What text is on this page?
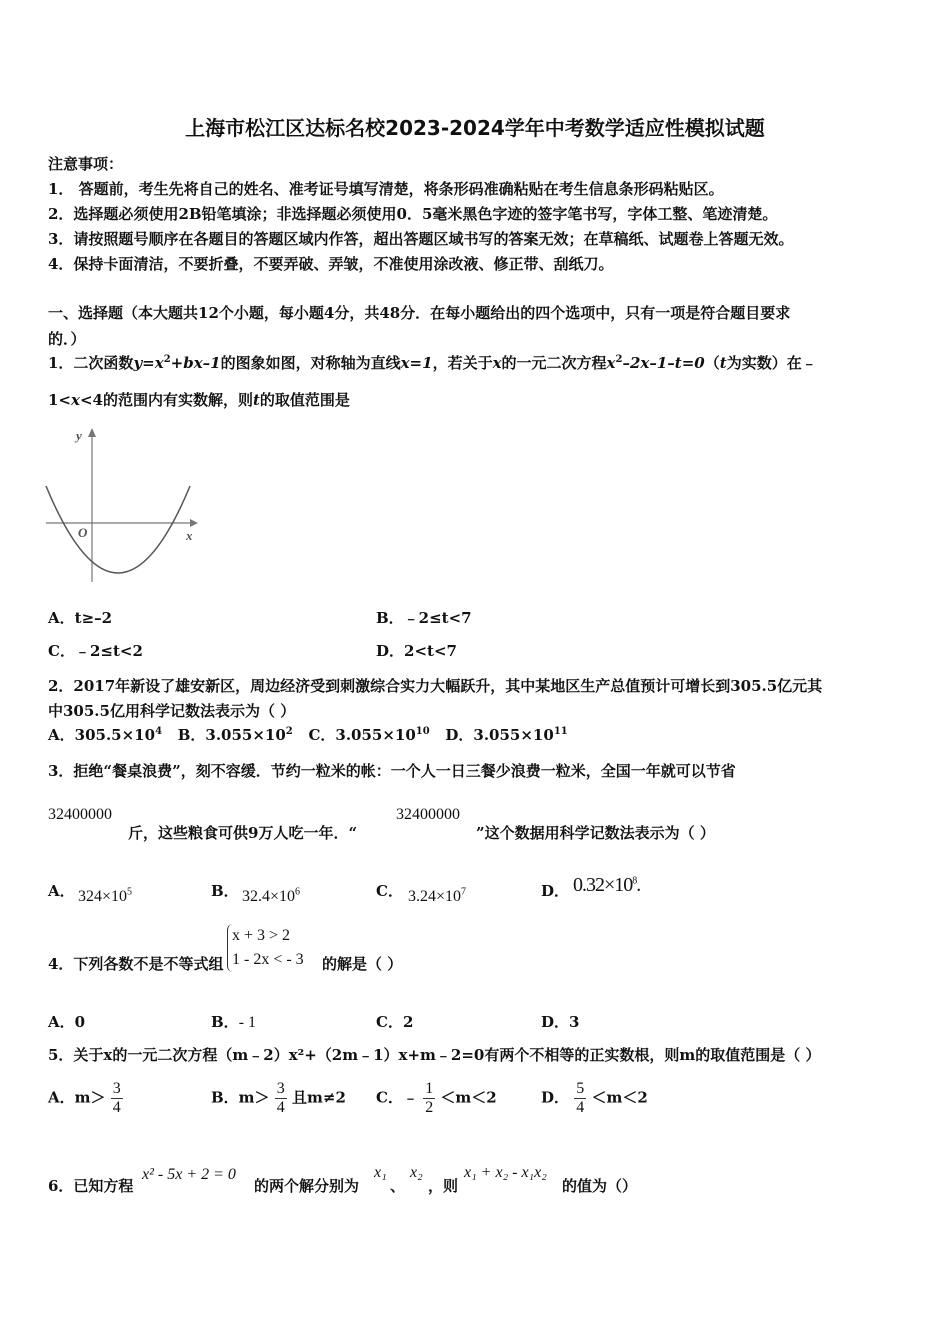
上海市松江区达标名校2023-2024学年中考数学适应性模拟试题
注意事项：
1． 答题前，考生先将自己的姓名、准考证号填写清楚，将条形码准确粘贴在考生信息条形码粘贴区。
2．选择题必须使用2B铅笔填涂；非选择题必须使用0．5毫米黑色字迹的签字笔书写，字体工整、笔迹清楚。
3．请按照题号顺序在各题目的答题区域内作答，超出答题区域书写的答案无效；在草稿纸、试题卷上答题无效。
4．保持卡面清洁，不要折叠，不要弄破、弄皱，不准使用涂改液、修正带、刮纸刀。
一、选择题（本大题共12个小题，每小题4分，共48分．在每小题给出的四个选项中，只有一项是符合题目要求
的．）
1．二次函数$y=x^2+bx-1$的图象如图，对称轴为直线x=1，若关于x的一元二次方程$x^2-2x-1-t=0(t$为实数）在﹣
1<x<4的范围内有实数解，则t的取值范围是
y
x
O
A．t≥–2	B．﹣2≤t<7
C．﹣2≤t<2	D．2<t<7
2．2017年新设了雄安新区，周边经济受到刺激综合实力大幅跃升，其中某地区生产总值预计可增长到305.5亿元其
中305.5亿用科学记数法表示为（ ）
A．$305.5\times 10^4$ B．$3.055\times 10^2$ C．$3.055\times 10^{10}$ D．$3.055\times 10^{11}$
3．拒绝“餐桌浪费”，刻不容缓．节约一粒米的帐：一个人一日三餐少浪费一粒米，全国一年就可以节省
32400000
斤，这些粮食可供9万人吃一年．“
32400000
”这个数据用科学记数法表示为（ ）
A． $324\times 10^5$	B． $32.4\times 10^6$	C． $3.24\times 10^7$	D． $0.32\times 10^8$.
4．下列各数不是不等式组
x + 3 > 2
1 - 2x < - 3 的解是（ ）
A．0	B．- 1	C．2	D．3
5．关于x的一元二次方程（m﹣2）x²+（2m﹣1）x+m﹣2=0有两个不相等的正实数根，则m的取值范围是（ ）
A．$m> \frac{3}{4}$	B．$m> \frac{3}{4}$ 且m≠2 C．﹣ $\frac{1}{2} <m<2$	D． $\frac{5}{4} <m<2$
6．已知方程
x² - 5x + 2 = 0
的两个解分别为
x₁
、
x₂
，则
x₁ + x₂ - x₁x₂
的值为（）
